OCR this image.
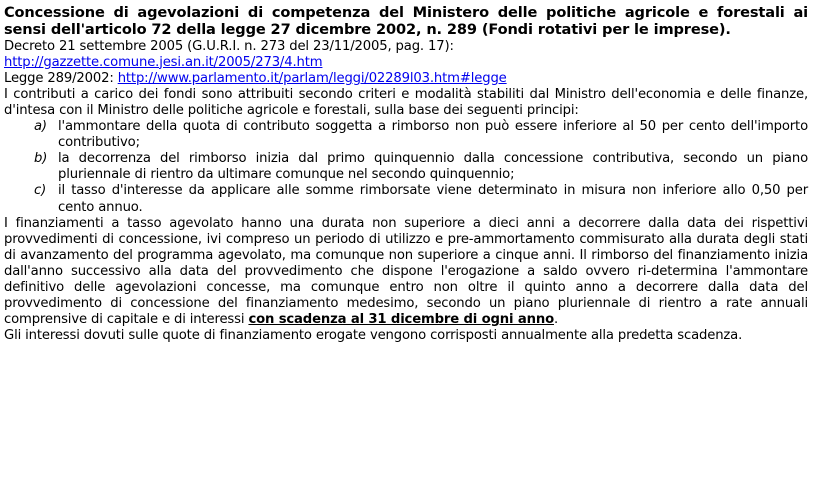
Concessione di agevolazioni di competenza del Ministero delle politiche agricole e forestali ai sensi dell'articolo 72 della legge 27 dicembre 2002, n. 289 (Fondi rotativi per le imprese).

Decreto 21 settembre 2005 (G.U.R.I. n. 273 del 23/11/2005, pag. 17):

http://gazzette.comune.jesi.an.it/2005/273/4.htm

Legge 289/2002: http://www.parlamento.it/parlam/leggi/02289l03.htm#legge

I contributi a carico dei fondi sono attribuiti secondo criteri e modalità stabiliti dal Ministro dell'economia e delle finanze, d'intesa con il Ministro delle politiche agricole e forestali, sulla base dei seguenti principi:

a) l'ammontare della quota di contributo soggetta a rimborso non può essere inferiore al 50 per cento dell'importo contributivo;
b) la decorrenza del rimborso inizia dal primo quinquennio dalla concessione contributiva, secondo un piano pluriennale di rientro da ultimare comunque nel secondo quinquennio;
c) il tasso d'interesse da applicare alle somme rimborsate viene determinato in misura non inferiore allo 0,50 per cento annuo.

I finanziamenti a tasso agevolato hanno una durata non superiore a dieci anni a decorrere dalla data dei rispettivi provvedimenti di concessione, ivi compreso un periodo di utilizzo e pre-ammortamento commisurato alla durata degli stati di avanzamento del programma agevolato, ma comunque non superiore a cinque anni. Il rimborso del finanziamento inizia dall'anno successivo alla data del provvedimento che dispone l'erogazione a saldo ovvero ri-determina l'ammontare definitivo delle agevolazioni concesse, ma comunque entro non oltre il quinto anno a decorrere dalla data del provvedimento di concessione del finanziamento medesimo, secondo un piano pluriennale di rientro a rate annuali comprensive di capitale e di interessi con scadenza al 31 dicembre di ogni anno.

Gli interessi dovuti sulle quote di finanziamento erogate vengono corrisposti annualmente alla predetta scadenza.
